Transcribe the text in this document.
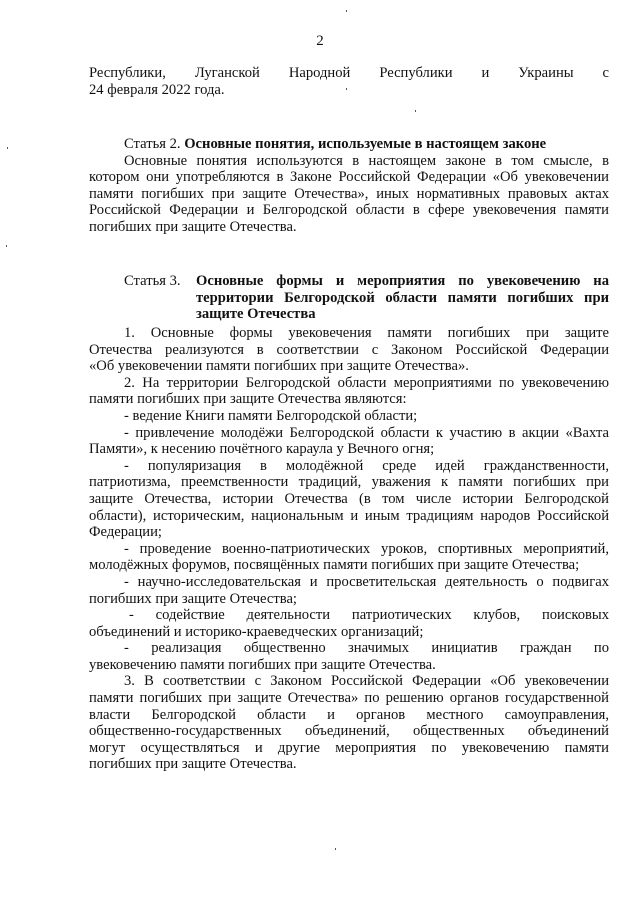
2

Республики, Луганской Народной Республики и Украины с

24 февраля 2022 года.

Статья 2. Основные понятия, используемые в настоящем законе

Основные понятия используются в настоящем законе в том смысле, в

котором они употребляются в Законе Российской Федерации «Об увековечении

памяти погибших при защите Отечества», иных нормативных правовых актах

Российской Федерации и Белгородской области в сфере увековечения памяти

погибших при защите Отечества.

Статья 3. Основные формы и мероприятия по увековечению на

территории Белгородской области памяти погибших при

защите Отечества

1. Основные формы увековечения памяти погибших при защите

Отечества реализуются в соответствии с Законом Российской Федерации

«Об увековечении памяти погибших при защите Отечества».

2. На территории Белгородской области мероприятиями по увековечению

памяти погибших при защите Отечества являются:

- ведение Книги памяти Белгородской области;

- привлечение молодёжи Белгородской области к участию в акции «Вахта

Памяти», к несению почётного караула у Вечного огня;

- популяризация в молодёжной среде идей гражданственности,

патриотизма, преемственности традиций, уважения к памяти погибших при

защите Отечества, истории Отечества (в том числе истории Белгородской

области), историческим, национальным и иным традициям народов Российской

Федерации;

- проведение военно-патриотических уроков, спортивных мероприятий,

молодёжных форумов, посвящённых памяти погибших при защите Отечества;

- научно-исследовательская и просветительская деятельность о подвигах

погибших при защите Отечества;

- содействие деятельности патриотических клубов, поисковых

объединений и историко-краеведческих организаций;

- реализация общественно значимых инициатив граждан по

увековечению памяти погибших при защите Отечества.

3. В соответствии с Законом Российской Федерации «Об увековечении

памяти погибших при защите Отечества» по решению органов государственной

власти Белгородской области и органов местного самоуправления,

общественно-государственных объединений, общественных объединений

могут осуществляться и другие мероприятия по увековечению памяти

погибших при защите Отечества.
